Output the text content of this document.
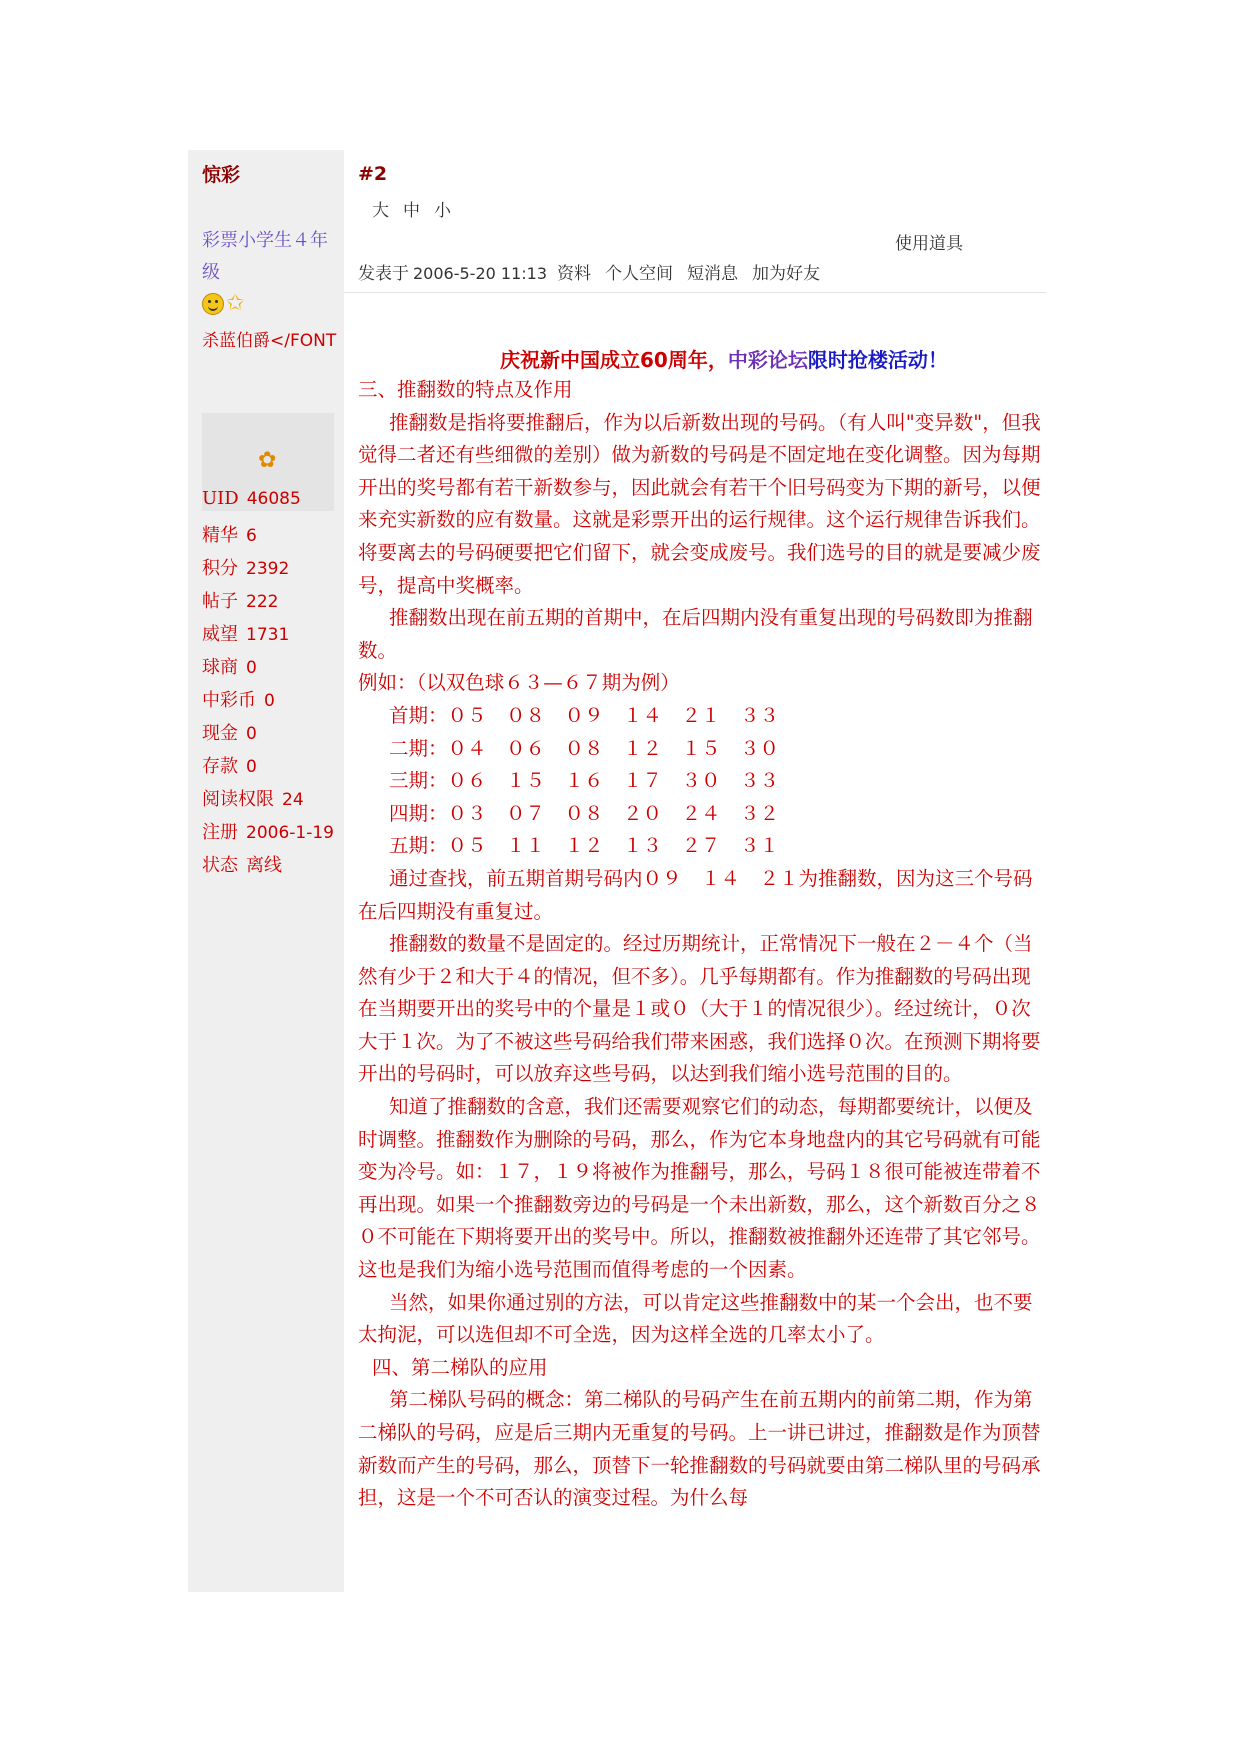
惊彩
彩票小学生４年级
✩
杀蓝伯爵</FONT
✿
UID 46085
精华 6
积分 2392
帖子 222
威望 1731
球商 0
中彩币 0
现金 0
存款 0
阅读权限 24
注册 2006-1-19
状态 离线
#2
大 中 小
使用道具
发表于 2006-5-20 11:13 资料 个人空间 短消息 加为好友
庆祝新中国成立60周年，中彩论坛限时抢楼活动！

三、推翻数的特点及作用

推翻数是指将要推翻后，作为以后新数出现的号码。（有人叫"变异数"，但我觉得二者还有些细微的差别）做为新数的号码是不固定地在变化调整。因为每期开出的奖号都有若干新数参与，因此就会有若干个旧号码变为下期的新号，以便来充实新数的应有数量。这就是彩票开出的运行规律。这个运行规律告诉我们。将要离去的号码硬要把它们留下，就会变成废号。我们选号的目的就是要减少废号，提高中奖概率。

推翻数出现在前五期的首期中，在后四期内没有重复出现的号码数即为推翻数。

例如：（以双色球６３—６７期为例）

首期：０５　０８　０９　１４　２１　３３

二期：０４　０６　０８　１２　１５　３０

三期：０６　１５　１６　１７　３０　３３

四期：０３　０７　０８　２０　２４　３２

五期：０５　１１　１２　１３　２７　３１

通过查找，前五期首期号码内０９　１４　２１为推翻数，因为这三个号码在后四期没有重复过。

推翻数的数量不是固定的。经过历期统计，正常情况下一般在２－４个（当然有少于２和大于４的情况，但不多）。几乎每期都有。作为推翻数的号码出现在当期要开出的奖号中的个量是１或０（大于１的情况很少）。经过统计，０次大于１次。为了不被这些号码给我们带来困惑，我们选择０次。在预测下期将要开出的号码时，可以放弃这些号码，以达到我们缩小选号范围的目的。

知道了推翻数的含意，我们还需要观察它们的动态，每期都要统计，以便及时调整。推翻数作为删除的号码，那么，作为它本身地盘内的其它号码就有可能变为冷号。如：１７，１９将被作为推翻号，那么，号码１８很可能被连带着不再出现。如果一个推翻数旁边的号码是一个未出新数，那么，这个新数百分之８０不可能在下期将要开出的奖号中。所以，推翻数被推翻外还连带了其它邻号。这也是我们为缩小选号范围而值得考虑的一个因素。

当然，如果你通过别的方法，可以肯定这些推翻数中的某一个会出，也不要太拘泥，可以选但却不可全选，因为这样全选的几率太小了。

四、第二梯队的应用

第二梯队号码的概念：第二梯队的号码产生在前五期内的前第二期，作为第二梯队的号码，应是后三期内无重复的号码。上一讲已讲过，推翻数是作为顶替新数而产生的号码，那么，顶替下一轮推翻数的号码就要由第二梯队里的号码承担，这是一个不可否认的演变过程。为什么每
